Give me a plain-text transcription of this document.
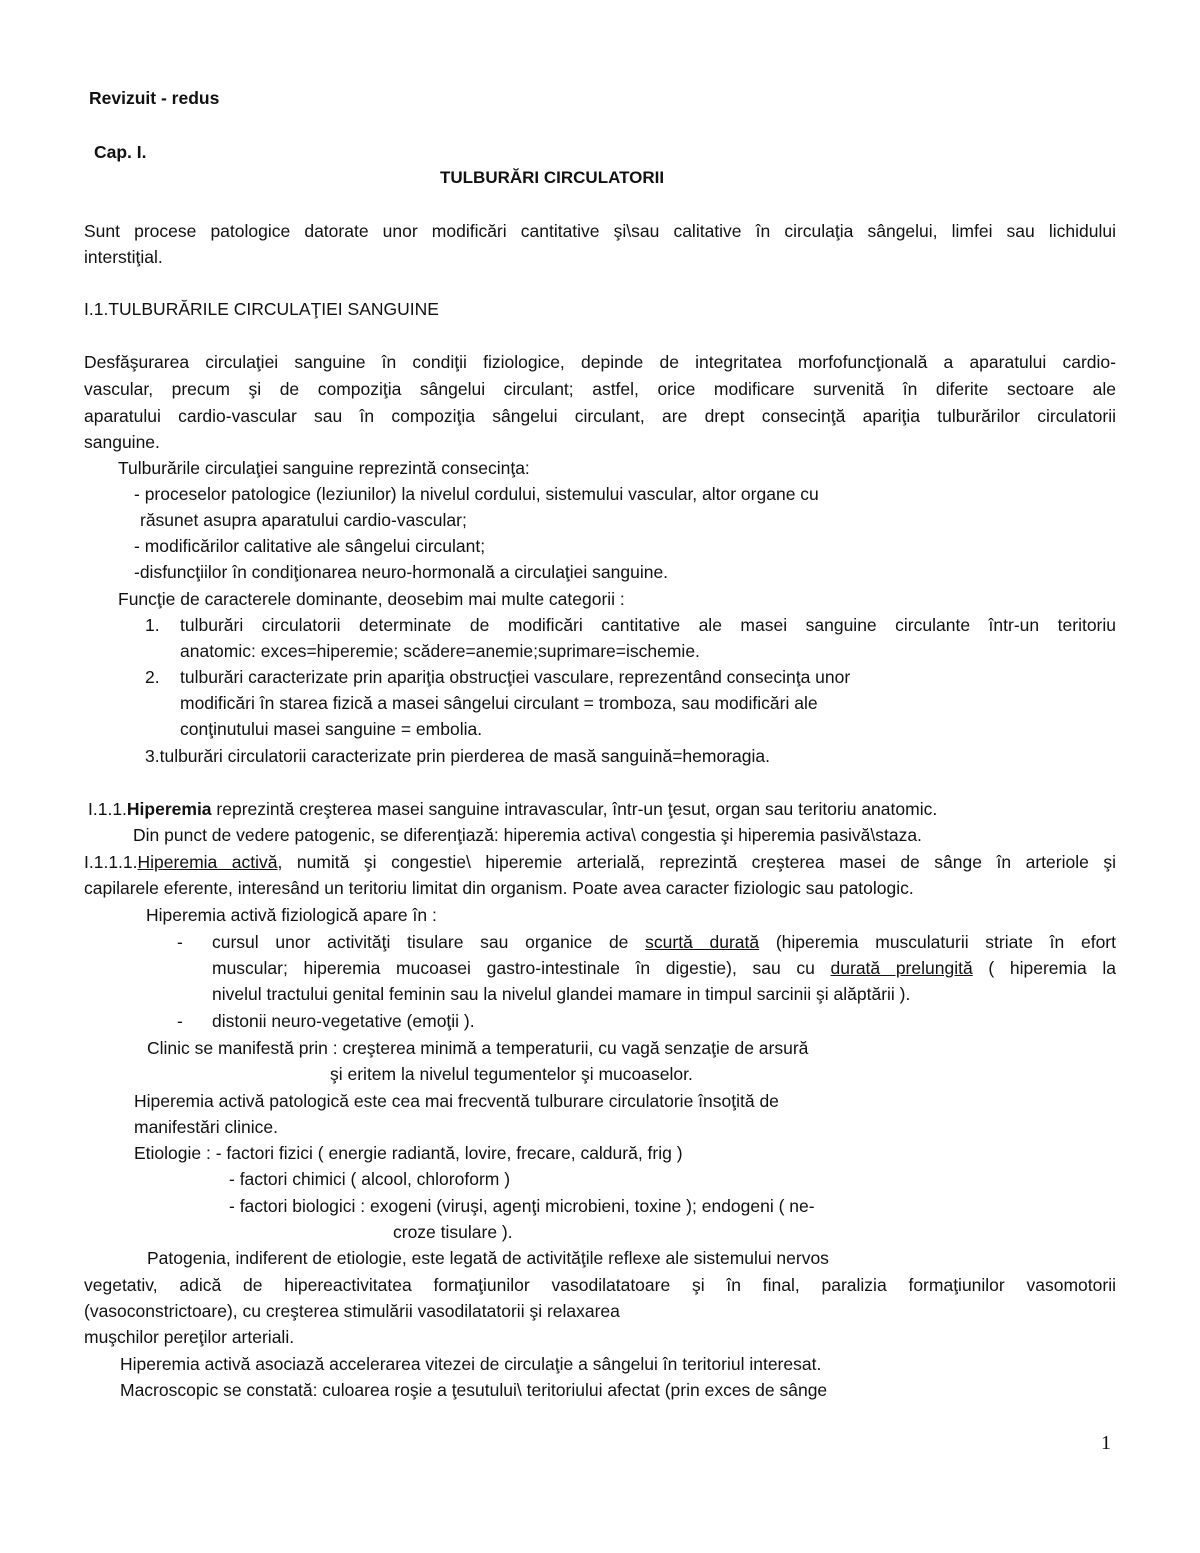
Revizuit - redus
Cap. I.
TULBURĂRI CIRCULATORII
Sunt procese patologice datorate unor modificări cantitative şi\sau calitative în circulaţia sângelui, limfei sau lichidului
interstiţial.
I.1.TULBURĂRILE CIRCULAŢIEI SANGUINE
Desfăşurarea circulaţiei sanguine în condiţii fiziologice, depinde de integritatea morfofuncţională a aparatului cardio-
vascular, precum şi de compoziţia sângelui circulant; astfel, orice modificare survenită în diferite sectoare ale
aparatului cardio-vascular sau în compoziţia sângelui circulant, are drept consecinţă apariţia tulburărilor circulatorii
sanguine.
Tulburările circulaţiei sanguine reprezintă consecinţa:
- proceselor patologice (leziunilor) la nivelul cordului, sistemului vascular, altor organe cu
răsunet asupra aparatului cardio-vascular;
- modificărilor calitative ale sângelui circulant;
-disfuncţiilor în condiţionarea neuro-hormonală a circulaţiei sanguine.
Funcţie de caracterele dominante, deosebim mai multe categorii :
1. tulburări circulatorii determinate de modificări cantitative ale masei sanguine circulante într-un teritoriu
anatomic: exces=hiperemie; scădere=anemie;suprimare=ischemie.
2. tulburări caracterizate prin apariţia obstrucţiei vasculare, reprezentând consecinţa unor
modificări în starea fizică a masei sângelui circulant = tromboza, sau modificări ale
conţinutului masei sanguine = embolia.
3.tulburări circulatorii caracterizate prin pierderea de masă sanguină=hemoragia.
I.1.1.Hiperemia reprezintă creşterea masei sanguine intravascular, într-un ţesut, organ sau teritoriu anatomic.
Din punct de vedere patogenic, se diferenţiază: hiperemia activa\ congestia şi hiperemia pasivă\staza.
I.1.1.1.Hiperemia activă, numită şi congestie\ hiperemie arterială, reprezintă creşterea masei de sânge în arteriole şi
capilarele eferente, interesând un teritoriu limitat din organism. Poate avea caracter fiziologic sau patologic.
Hiperemia activă fiziologică apare în :
- cursul unor activităţi tisulare sau organice de scurtă durată (hiperemia musculaturii striate în efort
muscular; hiperemia mucoasei gastro-intestinale în digestie), sau cu durată prelungită ( hiperemia la
nivelul tractului genital feminin sau la nivelul glandei mamare in timpul sarcinii şi alăptării ).
- distonii neuro-vegetative (emoţii ).
Clinic se manifestă prin : creşterea minimă a temperaturii, cu vagă senzaţie de arsură
şi eritem la nivelul tegumentelor şi mucoaselor.
Hiperemia activă patologică este cea mai frecventă tulburare circulatorie însoţită de
manifestări clinice.
Etiologie : - factori fizici ( energie radiantă, lovire, frecare, caldură, frig )
- factori chimici ( alcool, chloroform )
- factori biologici : exogeni (viruşi, agenţi microbieni, toxine ); endogeni ( ne-
croze tisulare ).
Patogenia, indiferent de etiologie, este legată de activităţile reflexe ale sistemului nervos
vegetativ, adică de hipereactivitatea formaţiunilor vasodilatatoare şi în final, paralizia formaţiunilor vasomotorii
(vasoconstrictoare), cu creşterea stimulării vasodilatatorii şi relaxarea
muşchilor pereţilor arteriali.
Hiperemia activă asociază accelerarea vitezei de circulaţie a sângelui în teritoriul interesat.
Macroscopic se constată: culoarea roşie a ţesutului\ teritoriului afectat (prin exces de sânge
1
